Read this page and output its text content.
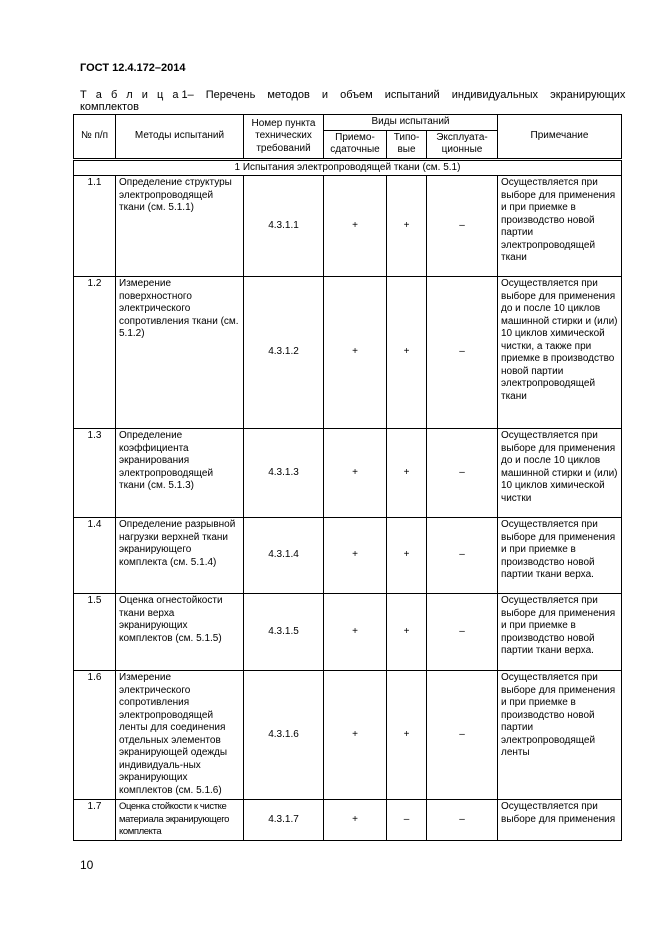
ГОСТ 12.4.172–2014
Т а б л и ц а 1 – Перечень методов и объем испытаний индивидуальных экранирующих
комплектов
№ п/п	Методы испытаний	Номер пункта технических требований	Виды испытаний			Примечание
			Приемо-сдаточные	Типо-вые	Эксплуата-ционные	
1 Испытания электропроводящей ткани (см. 5.1)						
1.1	Определение структуры электропроводящей ткани (см. 5.1.1)	4.3.1.1	+	+	–	Осуществляется при выборе для применения и при приемке в производство новой партии электропроводящей ткани
1.2	Измерение поверхностного электрического сопротивления ткани (см. 5.1.2)	4.3.1.2	+	+	–	Осуществляется при выборе для применения до и после 10 циклов машинной стирки и (или) 10 циклов химической чистки, а также при приемке в производство новой партии электропроводящей ткани
1.3	Определение коэффициента экранирования электропроводящей ткани (см. 5.1.3)	4.3.1.3	+	+	–	Осуществляется при выборе для применения до и после 10 циклов машинной стирки и (или) 10 циклов химической чистки
1.4	Определение разрывной нагрузки верхней ткани экранирующего комплекта (см. 5.1.4)	4.3.1.4	+	+	–	Осуществляется при выборе для применения и при приемке в производство новой партии ткани верха.
1.5	Оценка огнестойкости ткани верха экранирующих комплектов (см. 5.1.5)	4.3.1.5	+	+	–	Осуществляется при выборе для применения и при приемке в производство новой партии ткани верха.
1.6	Измерение электрического сопротивления электропроводящей ленты для соединения отдельных элементов экранирующей одежды индивидуаль-ных экранирующих комплектов (см. 5.1.6)	4.3.1.6	+	+	–	Осуществляется при выборе для применения и при приемке в производство новой партии электропроводящей ленты
1.7	Оценка стойкости к чистке материала экранирующего комплекта	4.3.1.7	+	–	–	Осуществляется при выборе для применения
10
